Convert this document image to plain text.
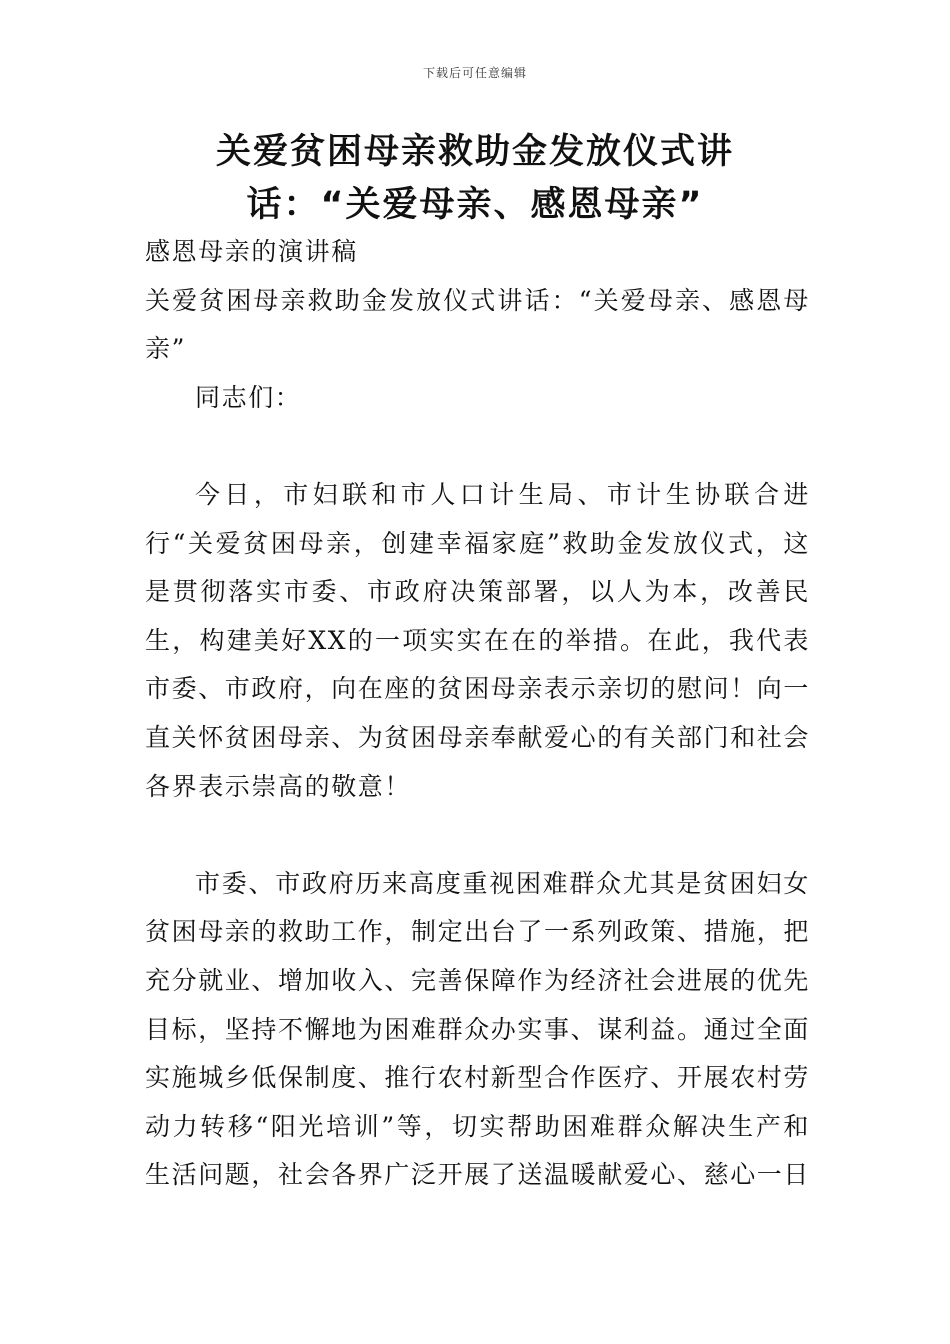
下载后可任意编辑
关爱贫困母亲救助金发放仪式讲话：“关爱母亲、感恩母亲”

感恩母亲的演讲稿

关爱贫困母亲救助金发放仪式讲话：“关爱母亲、感恩母亲”

同志们：

今日，市妇联和市人口计生局、市计生协联合进行“关爱贫困母亲，创建幸福家庭”救助金发放仪式，这是贯彻落实市委、市政府决策部署，以人为本，改善民生，构建美好XX的一项实实在在的举措。在此，我代表市委、市政府，向在座的贫困母亲表示亲切的慰问！向一直关怀贫困母亲、为贫困母亲奉献爱心的有关部门和社会各界表示崇高的敬意！

市委、市政府历来高度重视困难群众尤其是贫困妇女贫困母亲的救助工作，制定出台了一系列政策、措施，把充分就业、增加收入、完善保障作为经济社会进展的优先目标，坚持不懈地为困难群众办实事、谋利益。通过全面实施城乡低保制度、推行农村新型合作医疗、开展农村劳动力转移“阳光培训”等，切实帮助困难群众解决生产和生活问题，社会各界广泛开展了送温暖献爱心、慈心一日
